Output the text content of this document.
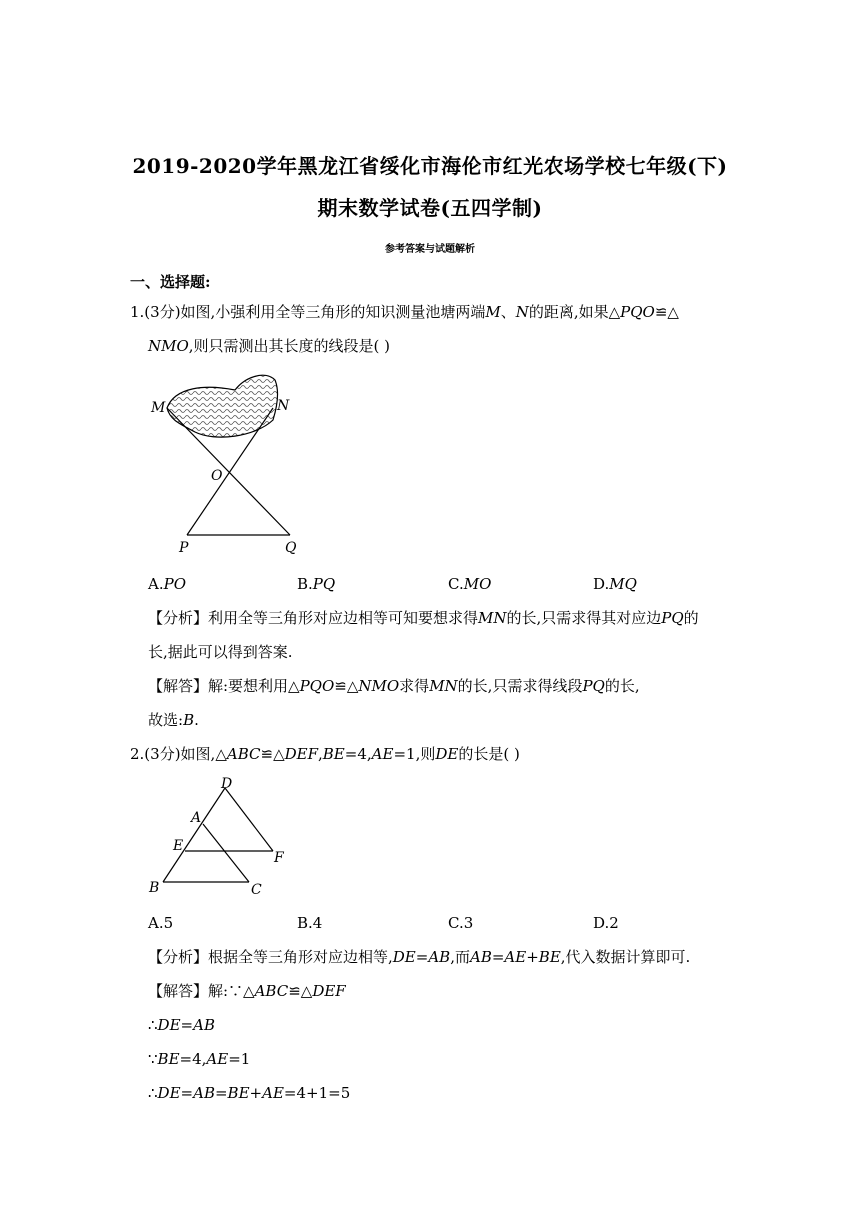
2019-2020学年黑龙江省绥化市海伦市红光农场学校七年级(下)
期末数学试卷(五四学制)
参考答案与试题解析
一、选择题:
1.(3分)如图,小强利用全等三角形的知识测量池塘两端M、N的距离,如果△PQO≌△
NMO,则只需测出其长度的线段是( )
M	N
O
P	Q
A.PO	B.PQ	C.MO	D.MQ
【分析】利用全等三角形对应边相等可知要想求得MN的长,只需求得其对应边PQ的
长,据此可以得到答案.
【解答】解:要想利用△PQO≌△NMO求得MN的长,只需求得线段PQ的长,
故选:B.
2.(3分)如图,△ABC≌△DEF,BE=4,AE=1,则DE的长是( )
D
A
E
F
B	C
A.5	B.4	C.3	D.2
【分析】根据全等三角形对应边相等,DE=AB,而AB=AE+BE,代入数据计算即可.
【解答】解:∵△ABC≌△DEF
∴DE=AB
∵BE=4,AE=1
∴DE=AB=BE+AE=4+1=5
